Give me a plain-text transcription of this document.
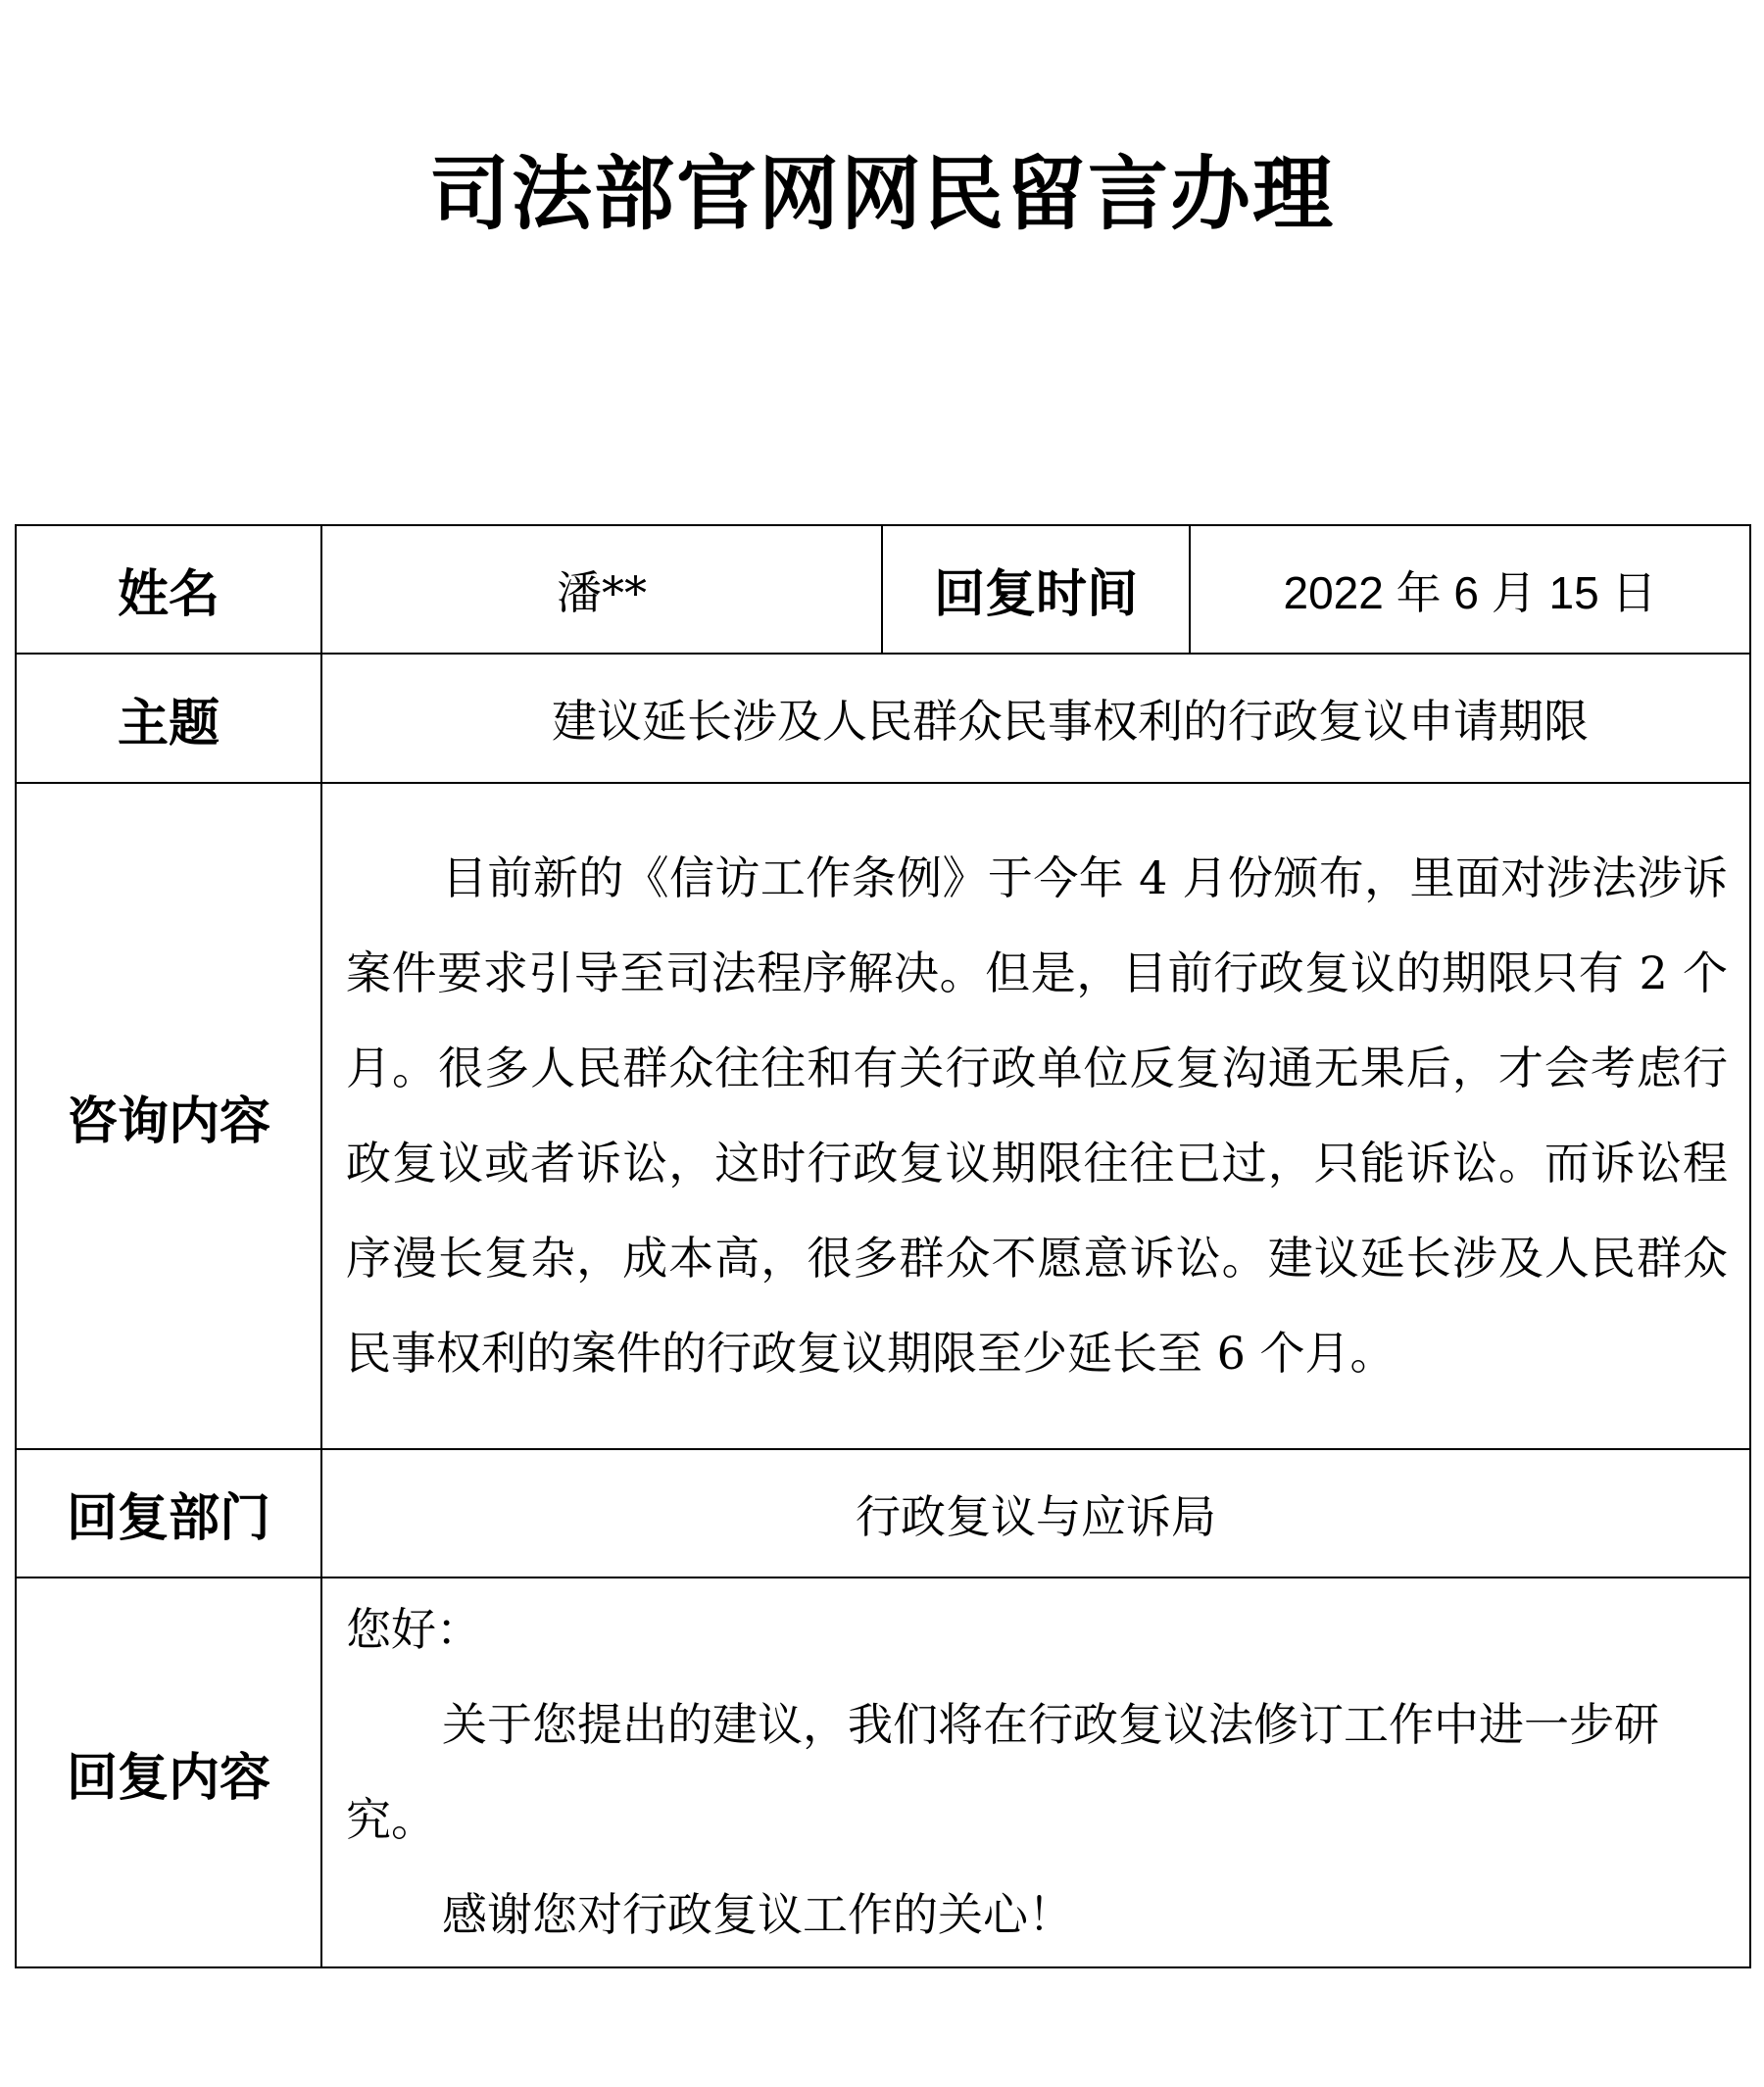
司法部官网网民留言办理
姓名	潘**	回复时间	2022 年 6 月 15 日
主题	建议延长涉及人民群众民事权利的行政复议申请期限		
咨询内容	目前新的《信访工作条例》于今年 4 月份颁布，里面对涉法涉诉案件要求引导至司法程序解决。但是，目前行政复议的期限只有 2 个月。很多人民群众往往和有关行政单位反复沟通无果后，才会考虑行政复议或者诉讼，这时行政复议期限往往已过，只能诉讼。而诉讼程序漫长复杂，成本高，很多群众不愿意诉讼。建议延长涉及人民群众民事权利的案件的行政复议期限至少延长至 6 个月。		

回复部门	行政复议与应诉局		
回复内容	您好：

关于您提出的建议，我们将在行政复议法修订工作中进一步研究。

感谢您对行政复议工作的关心！		
